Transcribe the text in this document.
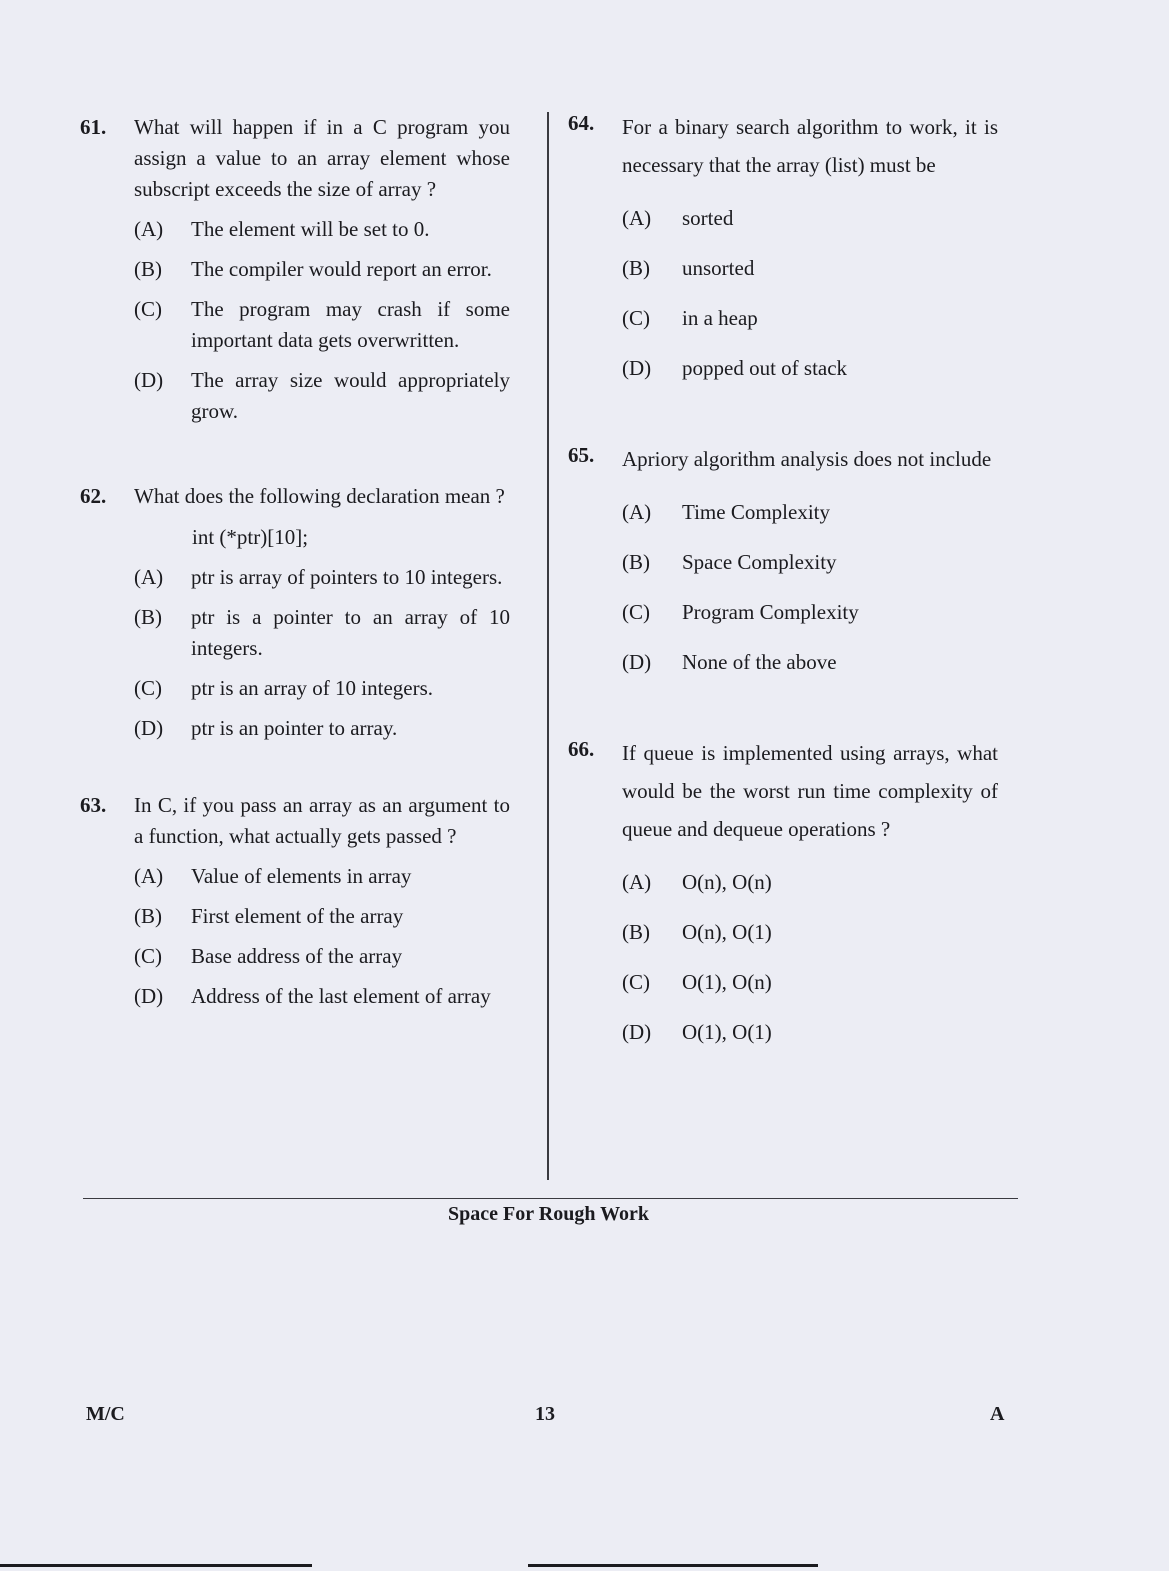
61. What will happen if in a C program you assign a value to an array element whose subscript exceeds the size of array ?
(A) The element will be set to 0.
(B) The compiler would report an error.
(C) The program may crash if some important data gets overwritten.
(D) The array size would appropriately grow.
62. What does the following declaration mean ?
int (*ptr)[10];
(A) ptr is array of pointers to 10 integers.
(B) ptr is a pointer to an array of 10 integers.
(C) ptr is an array of 10 integers.
(D) ptr is an pointer to array.
63. In C, if you pass an array as an argument to a function, what actually gets passed ?
(A) Value of elements in array
(B) First element of the array
(C) Base address of the array
(D) Address of the last element of array
64. For a binary search algorithm to work, it is necessary that the array (list) must be
(A) sorted
(B) unsorted
(C) in a heap
(D) popped out of stack
65. Apriory algorithm analysis does not include
(A) Time Complexity
(B) Space Complexity
(C) Program Complexity
(D) None of the above
66. If queue is implemented using arrays, what would be the worst run time complexity of queue and dequeue operations ?
(A) O(n), O(n)
(B) O(n), O(1)
(C) O(1), O(n)
(D) O(1), O(1)
Space For Rough Work
M/C	13	A
